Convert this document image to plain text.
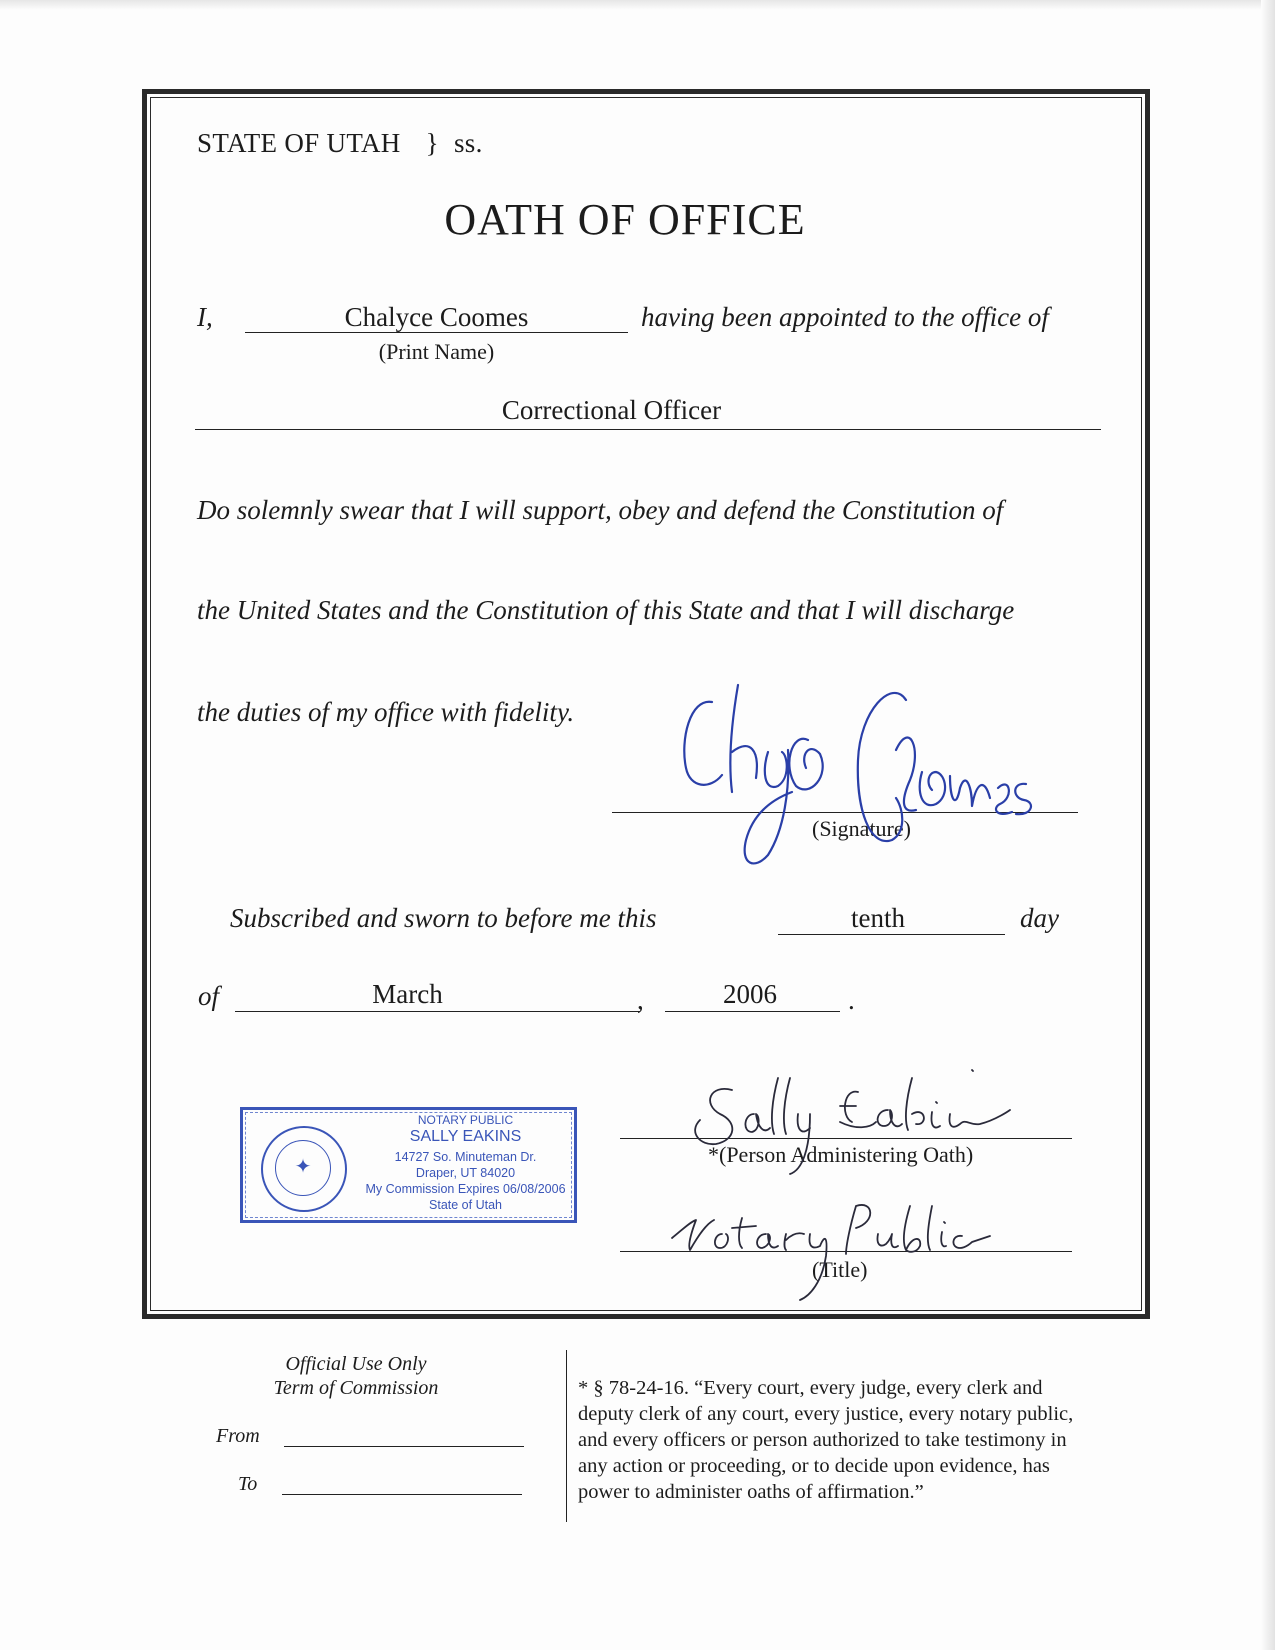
STATE OF UTAH } ss.
OATH OF OFFICE
I,	Chalyce Coomes
(Print Name)
having been appointed to the office of
Correctional Officer
Do solemnly swear that I will support, obey and defend the Constitution of
the United States and the Constitution of this State and that I will discharge
the duties of my office with fidelity.
(Signature)
Subscribed and sworn to before me this	tenth	day
of	March	,	2006	.
✦
NOTARY PUBLIC
SALLY EAKINS
14727 So. Minuteman Dr.
Draper, UT 84020
My Commission Expires 06/08/2006
State of Utah
*(Person Administering Oath)
(Title)
Official Use Only
Term of Commission
From
To
* § 78-24-16. “Every court, every judge, every clerk and
deputy clerk of any court, every justice, every notary public,
and every officers or person authorized to take testimony in
any action or proceeding, or to decide upon evidence, has
power to administer oaths of affirmation.”
